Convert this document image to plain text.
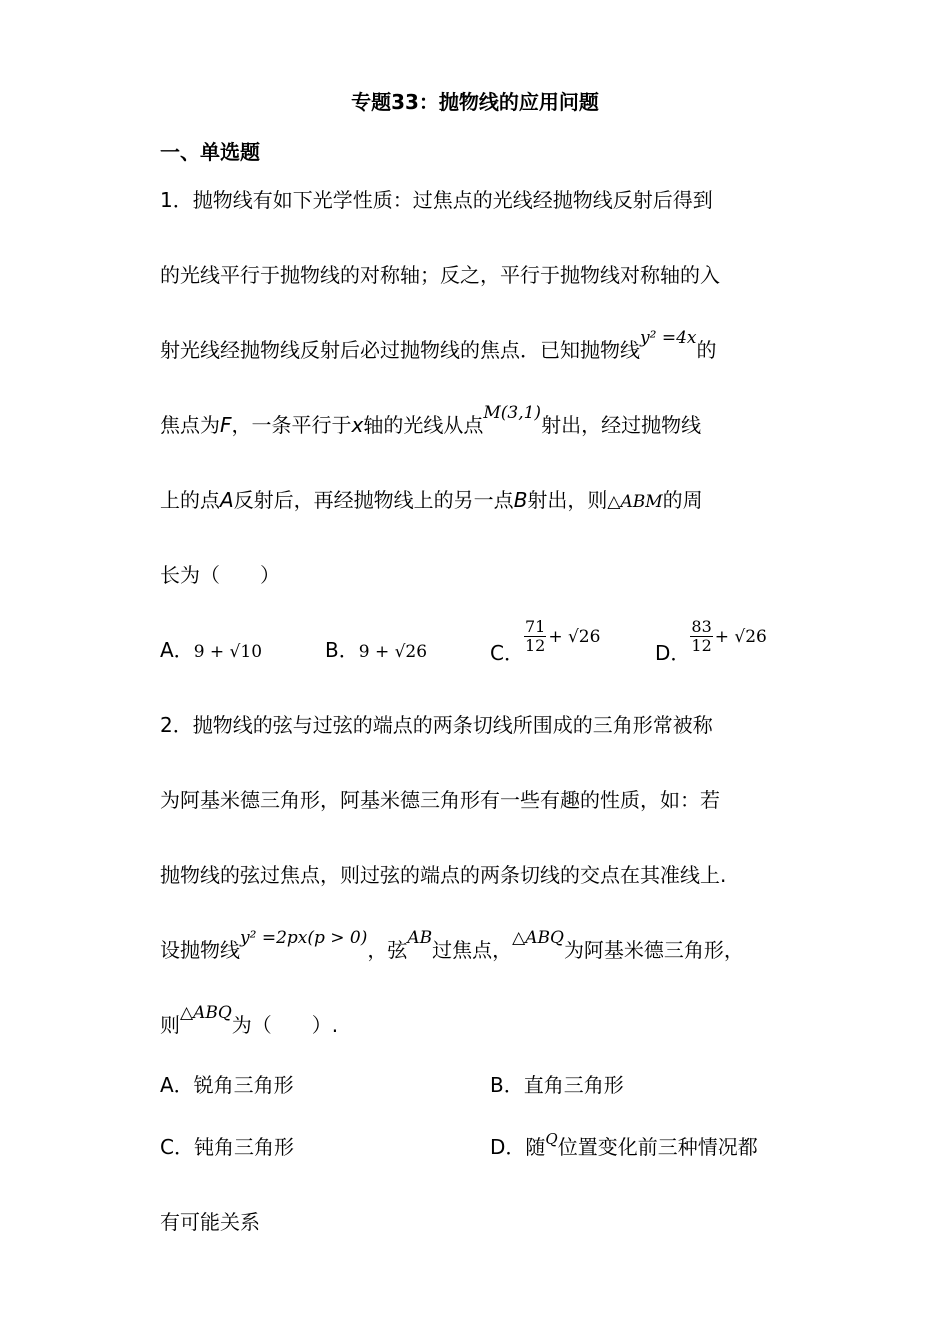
专题33：抛物线的应用问题
一、单选题
1．抛物线有如下光学性质：过焦点的光线经抛物线反射后得到
的光线平行于抛物线的对称轴；反之，平行于抛物线对称轴的入
射光线经抛物线反射后必过抛物线的焦点．已知抛物线$^{y^2 =4x}$的
焦点为F，一条平行于x轴的光线从点$^{M(3,1)}$射出，经过抛物线
上的点A反射后，再经抛物线上的另一点B射出，则△ABM的周
长为（　　）
A．9 + √10	B．9 + √26	C． $\frac{71}{12} + √26$
D． $\frac{83}{12} + √26$
2．抛物线的弦与过弦的端点的两条切线所围成的三角形常被称
为阿基米德三角形，阿基米德三角形有一些有趣的性质，如：若
抛物线的弦过焦点，则过弦的端点的两条切线的交点在其准线上.
设抛物线$^{y^2 =2px(p > 0)}$，弦$^{AB}$过焦点，$^{\triangle ABQ}$为阿基米德三角形，
则$^{\triangle ABQ}$为（　　）.
A．锐角三角形	B．直角三角形
C．钝角三角形	D．随$^Q$位置变化前三种情况都
有可能关系
